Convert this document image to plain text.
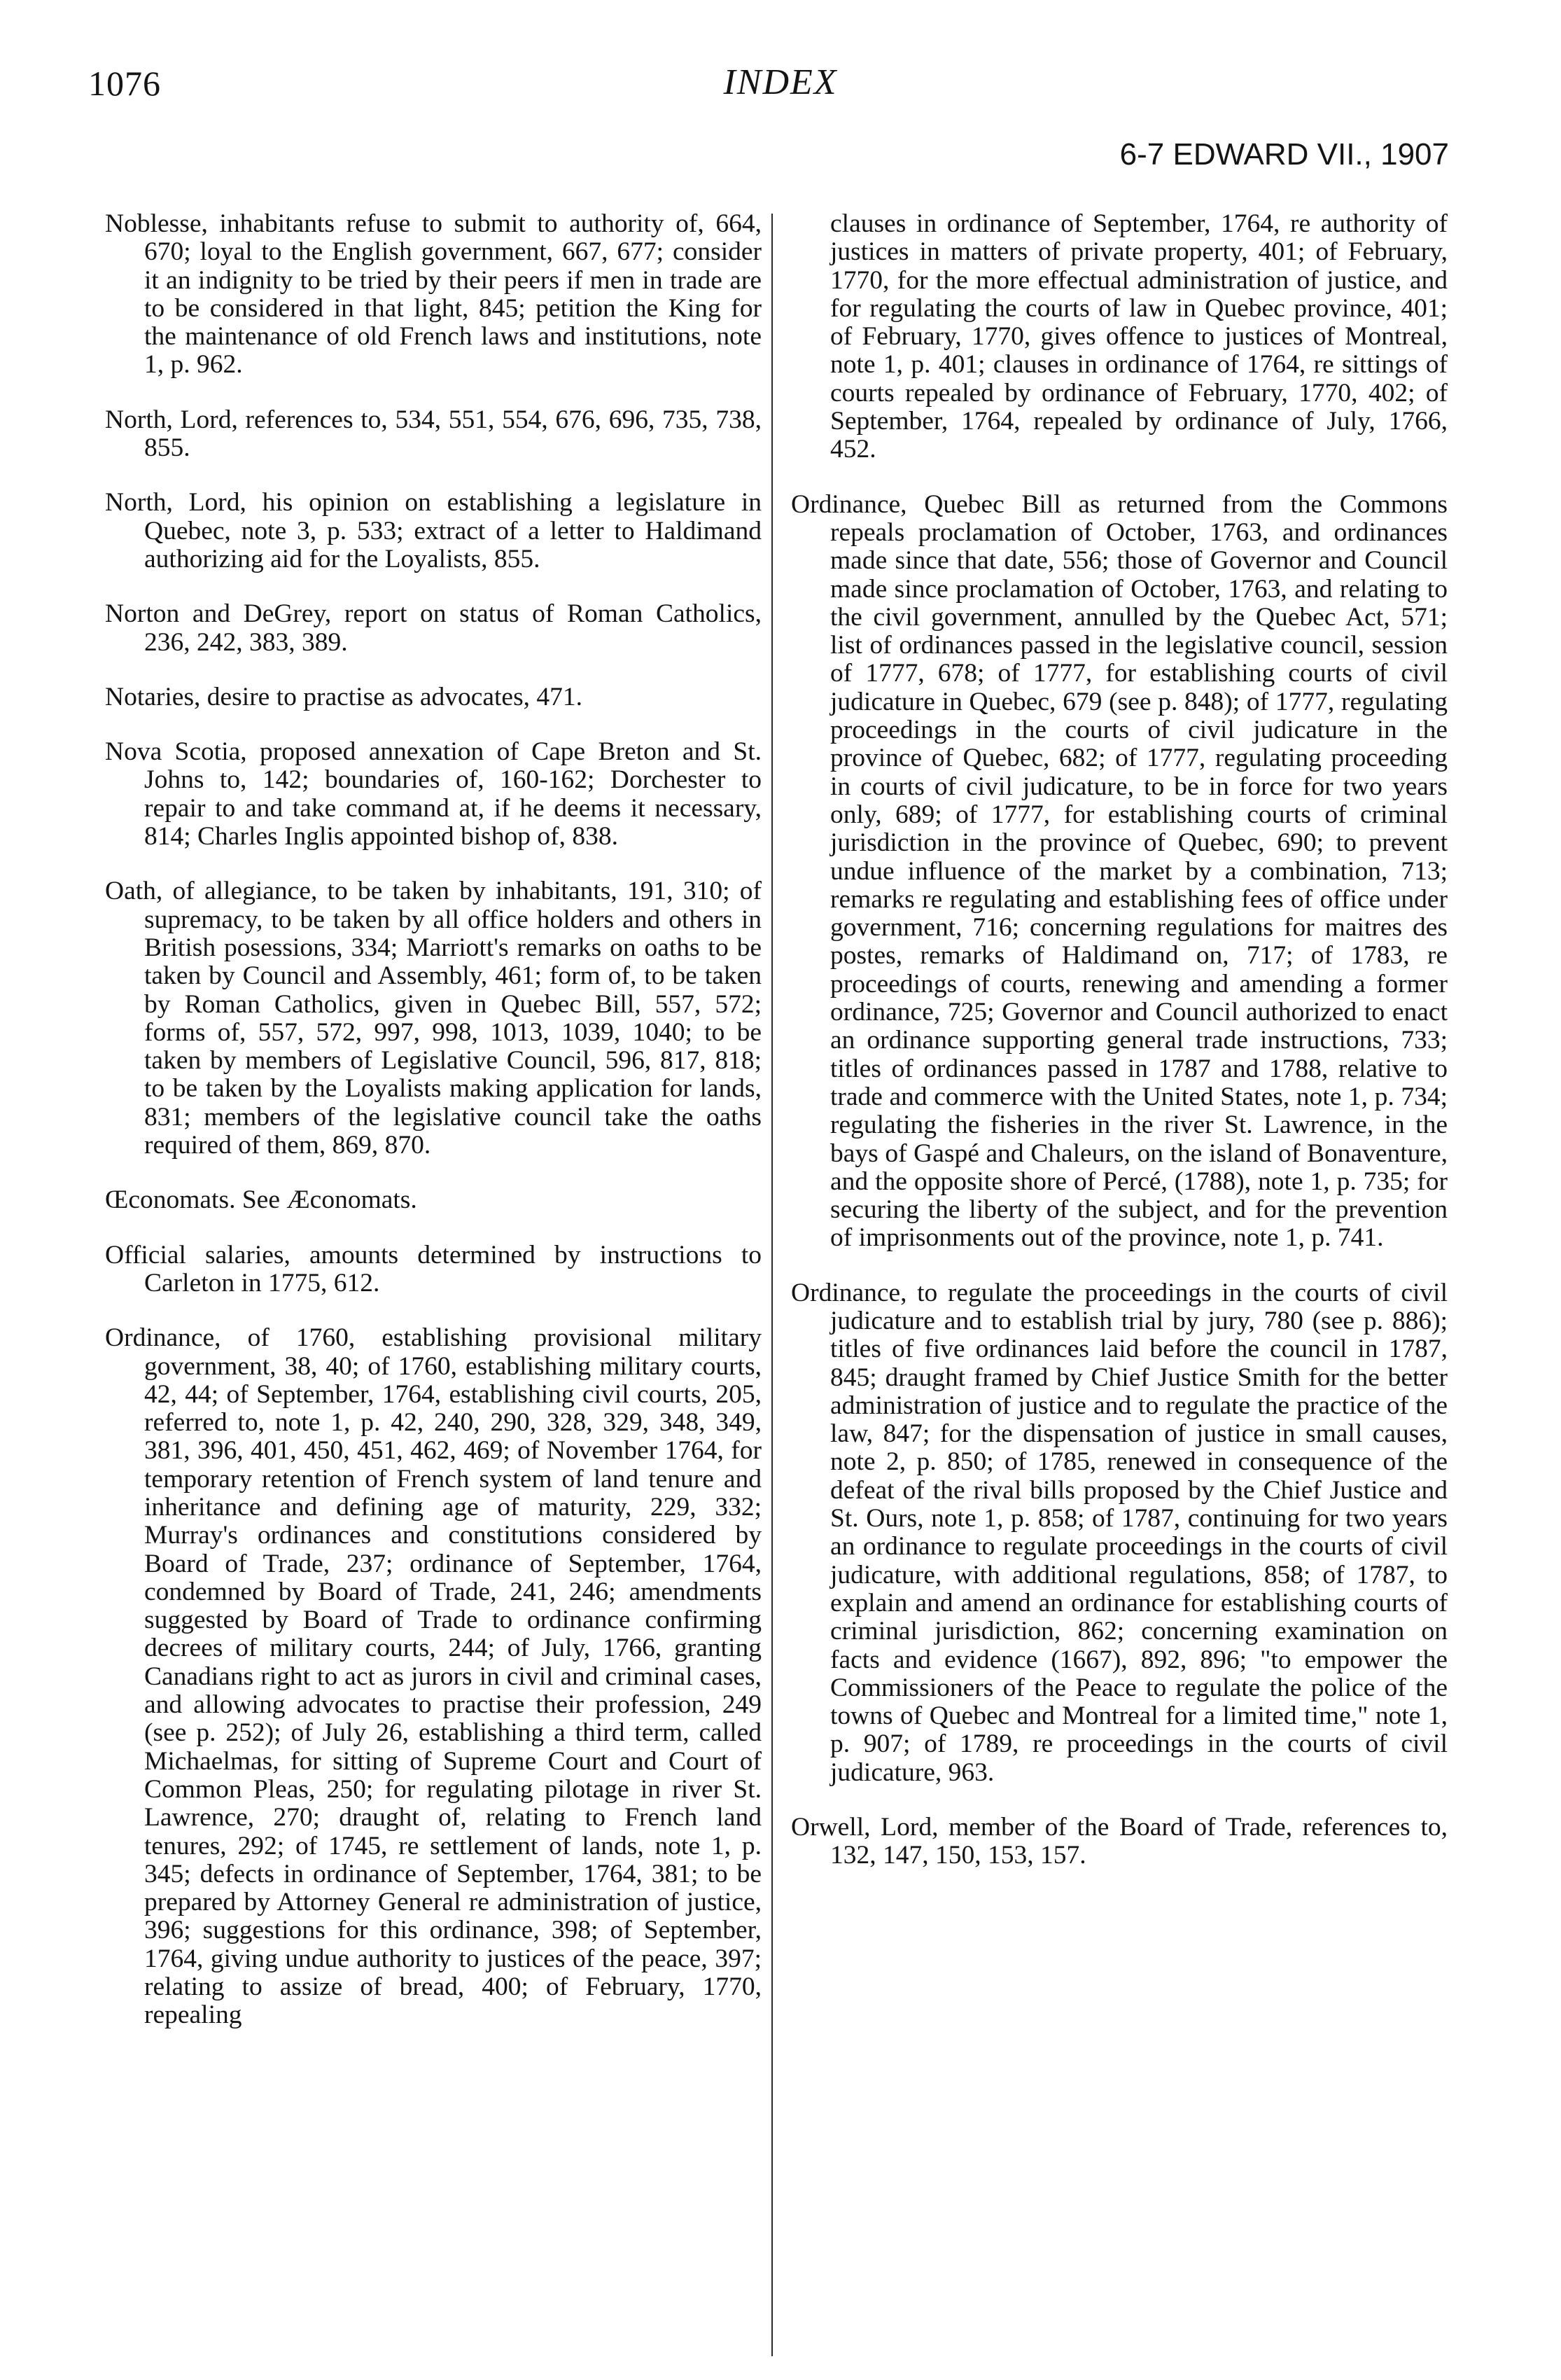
1076	INDEX
6-7 EDWARD VII., 1907

Noblesse, inhabitants refuse to submit to authority of, 664, 670; loyal to the English government, 667, 677; consider it an indignity to be tried by their peers if men in trade are to be considered in that light, 845; petition the King for the maintenance of old French laws and institutions, note 1, p. 962.

North, Lord, references to, 534, 551, 554, 676, 696, 735, 738, 855.

North, Lord, his opinion on establishing a legislature in Quebec, note 3, p. 533; extract of a letter to Haldimand authorizing aid for the Loyalists, 855.

Norton and DeGrey, report on status of Roman Catholics, 236, 242, 383, 389.

Notaries, desire to practise as advocates, 471.

Nova Scotia, proposed annexation of Cape Breton and St. Johns to, 142; boundaries of, 160-162; Dorchester to repair to and take command at, if he deems it necessary, 814; Charles Inglis appointed bishop of, 838.

Oath, of allegiance, to be taken by inhabitants, 191, 310; of supremacy, to be taken by all office holders and others in British posessions, 334; Marriott's remarks on oaths to be taken by Council and Assembly, 461; form of, to be taken by Roman Catholics, given in Quebec Bill, 557, 572; forms of, 557, 572, 997, 998, 1013, 1039, 1040; to be taken by members of Legislative Council, 596, 817, 818; to be taken by the Loyalists making application for lands, 831; members of the legislative council take the oaths required of them, 869, 870.

Œconomats. See Æconomats.

Official salaries, amounts determined by instructions to Carleton in 1775, 612.

Ordinance, of 1760, establishing provisional military government, 38, 40; of 1760, establishing military courts, 42, 44; of September, 1764, establishing civil courts, 205, referred to, note 1, p. 42, 240, 290, 328, 329, 348, 349, 381, 396, 401, 450, 451, 462, 469; of November 1764, for temporary retention of French system of land tenure and inheritance and defining age of maturity, 229, 332; Murray's ordinances and constitutions considered by Board of Trade, 237; ordinance of September, 1764, condemned by Board of Trade, 241, 246; amendments suggested by Board of Trade to ordinance confirming decrees of military courts, 244; of July, 1766, granting Canadians right to act as jurors in civil and criminal cases, and allowing advocates to practise their profession, 249 (see p. 252); of July 26, establishing a third term, called Michaelmas, for sitting of Supreme Court and Court of Common Pleas, 250; for regulating pilotage in river St. Lawrence, 270; draught of, relating to French land tenures, 292; of 1745, re settlement of lands, note 1, p. 345; defects in ordinance of September, 1764, 381; to be prepared by Attorney General re administration of justice, 396; suggestions for this ordinance, 398; of September, 1764, giving undue authority to justices of the peace, 397; relating to assize of bread, 400; of February, 1770, repealing

clauses in ordinance of September, 1764, re authority of justices in matters of private property, 401; of February, 1770, for the more effectual administration of justice, and for regulating the courts of law in Quebec province, 401; of February, 1770, gives offence to justices of Montreal, note 1, p. 401; clauses in ordinance of 1764, re sittings of courts repealed by ordinance of February, 1770, 402; of September, 1764, repealed by ordinance of July, 1766, 452.

Ordinance, Quebec Bill as returned from the Commons repeals proclamation of October, 1763, and ordinances made since that date, 556; those of Governor and Council made since proclamation of October, 1763, and relating to the civil government, annulled by the Quebec Act, 571; list of ordinances passed in the legislative council, session of 1777, 678; of 1777, for establishing courts of civil judicature in Quebec, 679 (see p. 848); of 1777, regulating proceedings in the courts of civil judicature in the province of Quebec, 682; of 1777, regulating proceeding in courts of civil judicature, to be in force for two years only, 689; of 1777, for establishing courts of criminal jurisdiction in the province of Quebec, 690; to prevent undue influence of the market by a combination, 713; remarks re regulating and establishing fees of office under government, 716; concerning regulations for maitres des postes, remarks of Haldimand on, 717; of 1783, re proceedings of courts, renewing and amending a former ordinance, 725; Governor and Council authorized to enact an ordinance supporting general trade instructions, 733; titles of ordinances passed in 1787 and 1788, relative to trade and commerce with the United States, note 1, p. 734; regulating the fisheries in the river St. Lawrence, in the bays of Gaspé and Chaleurs, on the island of Bonaventure, and the opposite shore of Percé, (1788), note 1, p. 735; for securing the liberty of the subject, and for the prevention of imprisonments out of the province, note 1, p. 741.

Ordinance, to regulate the proceedings in the courts of civil judicature and to establish trial by jury, 780 (see p. 886); titles of five ordinances laid before the council in 1787, 845; draught framed by Chief Justice Smith for the better administration of justice and to regulate the practice of the law, 847; for the dispensation of justice in small causes, note 2, p. 850; of 1785, renewed in consequence of the defeat of the rival bills proposed by the Chief Justice and St. Ours, note 1, p. 858; of 1787, continuing for two years an ordinance to regulate proceedings in the courts of civil judicature, with additional regulations, 858; of 1787, to explain and amend an ordinance for establishing courts of criminal jurisdiction, 862; concerning examination on facts and evidence (1667), 892, 896; "to empower the Commissioners of the Peace to regulate the police of the towns of Quebec and Montreal for a limited time," note 1, p. 907; of 1789, re proceedings in the courts of civil judicature, 963.

Orwell, Lord, member of the Board of Trade, references to, 132, 147, 150, 153, 157.
